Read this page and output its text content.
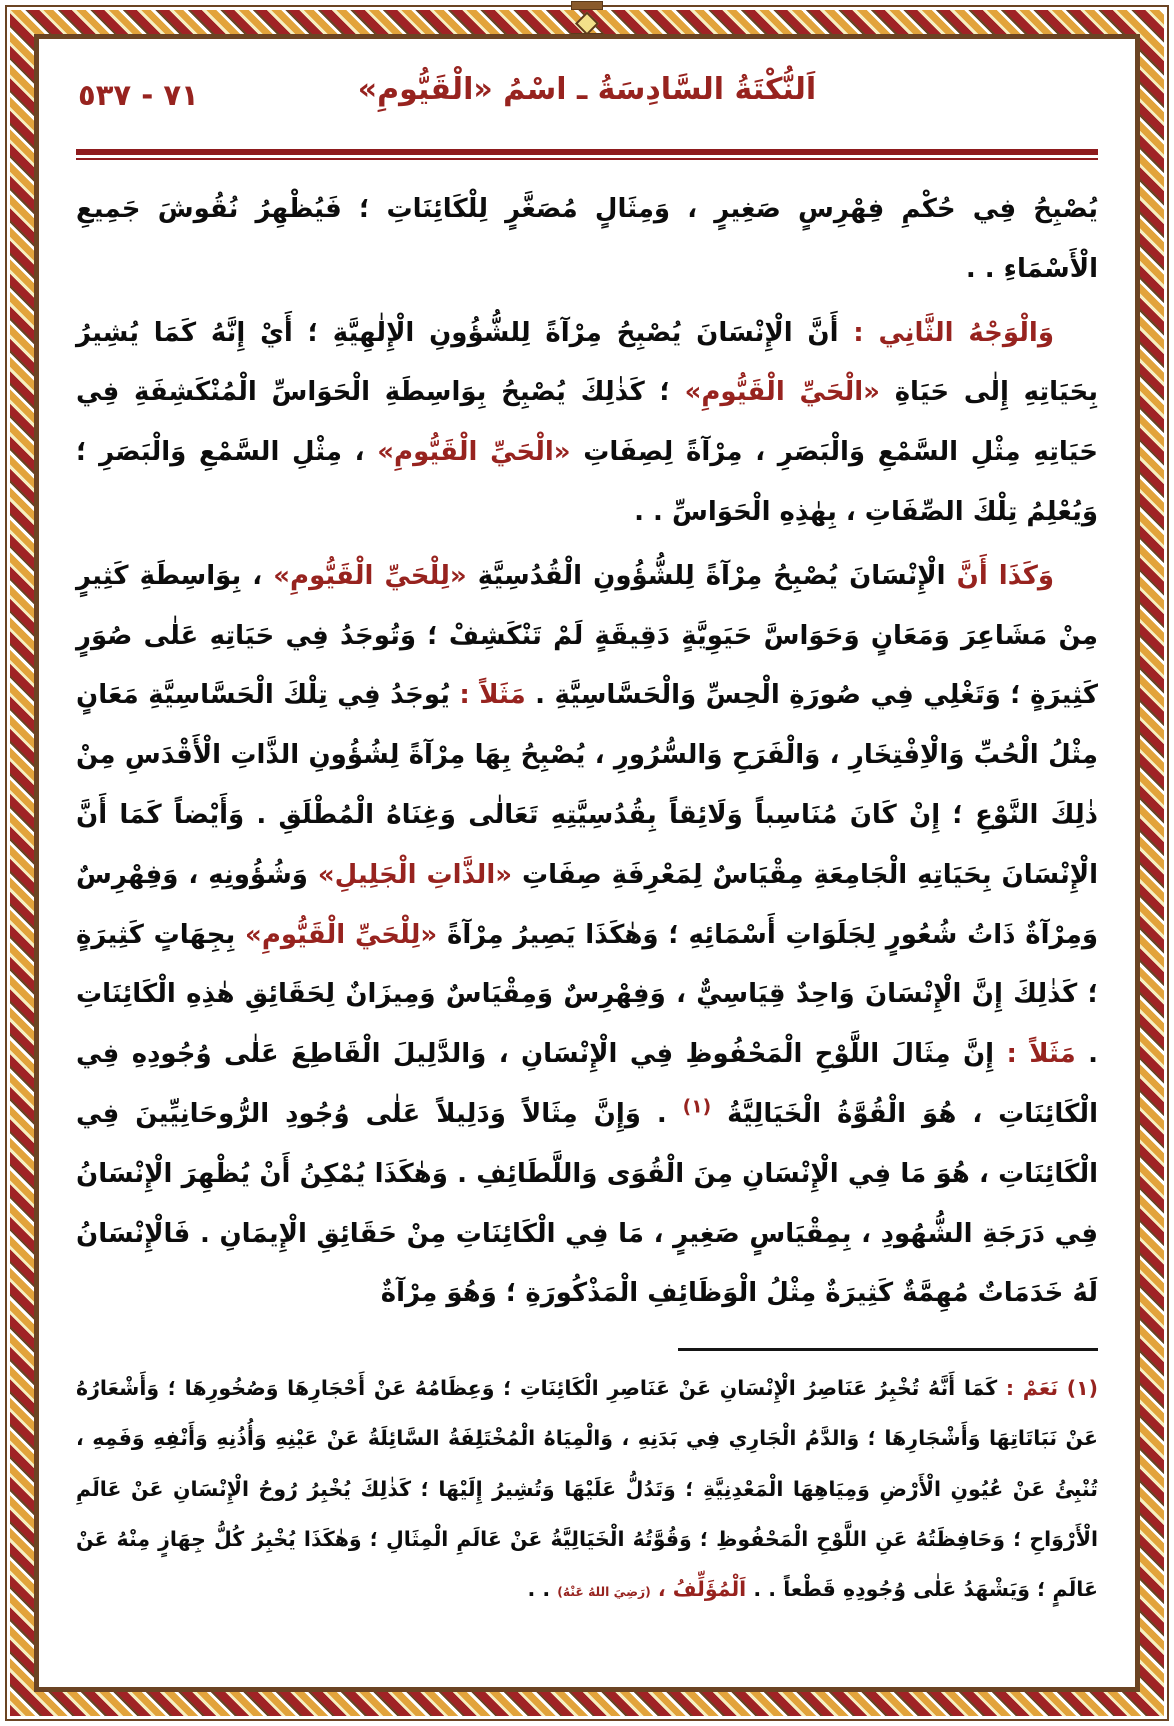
٧١ - ٥٣٧	اَلنُّكْتَةُ السَّادِسَةُ ـ اسْمُ «الْقَيُّومِ»

يُصْبِحُ فِي حُكْمِ فِهْرِسٍ صَغِيرٍ ، وَمِثَالٍ مُصَغَّرٍ لِلْكَائِنَاتِ ؛ فَيُظْهِرُ نُقُوشَ جَمِيعِ الْأَسْمَاءِ . .

وَالْوَجْهُ الثَّانِي : أَنَّ الْإِنْسَانَ يُصْبِحُ مِرْآةً لِلشُّؤُونِ الْإِلٰهِيَّةِ ؛ أَيْ إِنَّهُ كَمَا يُشِيرُ بِحَيَاتِهِ إِلٰى حَيَاةِ «الْحَيِّ الْقَيُّومِ» ؛ كَذٰلِكَ يُصْبِحُ بِوَاسِطَةِ الْحَوَاسِّ الْمُنْكَشِفَةِ فِي حَيَاتِهِ مِثْلِ السَّمْعِ وَالْبَصَرِ ، مِرْآةً لِصِفَاتِ «الْحَيِّ الْقَيُّومِ» ، مِثْلِ السَّمْعِ وَالْبَصَرِ ؛ وَيُعْلِمُ تِلْكَ الصِّفَاتِ ، بِهٰذِهِ الْحَوَاسِّ . .

وَكَذَا أَنَّ الْإِنْسَانَ يُصْبِحُ مِرْآةً لِلشُّؤُونِ الْقُدُسِيَّةِ «لِلْحَيِّ الْقَيُّومِ» ، بِوَاسِطَةِ كَثِيرٍ مِنْ مَشَاعِرَ وَمَعَانٍ وَحَوَاسَّ حَيَوِيَّةٍ دَقِيقَةٍ لَمْ تَنْكَشِفْ ؛ وَتُوجَدُ فِي حَيَاتِهِ عَلٰى صُوَرٍ كَثِيرَةٍ ؛ وَتَغْلِي فِي صُورَةِ الْحِسِّ وَالْحَسَّاسِيَّةِ . مَثَلاً : يُوجَدُ فِي تِلْكَ الْحَسَّاسِيَّةِ مَعَانٍ مِثْلُ الْحُبِّ وَالْاِفْتِخَارِ ، وَالْفَرَحِ وَالسُّرُورِ ، يُصْبِحُ بِهَا مِرْآةً لِشُؤُونِ الذَّاتِ الْأَقْدَسِ مِنْ ذٰلِكَ النَّوْعِ ؛ إِنْ كَانَ مُنَاسِباً وَلَائِقاً بِقُدُسِيَّتِهِ تَعَالٰى وَغِنَاهُ الْمُطْلَقِ . وَأَيْضاً كَمَا أَنَّ الْإِنْسَانَ بِحَيَاتِهِ الْجَامِعَةِ مِقْيَاسٌ لِمَعْرِفَةِ صِفَاتِ «الذَّاتِ الْجَلِيلِ» وَشُؤُونِهِ ، وَفِهْرِسٌ وَمِرْآةٌ ذَاتُ شُعُورٍ لِجَلَوَاتِ أَسْمَائِهِ ؛ وَهٰكَذَا يَصِيرُ مِرْآةً «لِلْحَيِّ الْقَيُّومِ» بِجِهَاتٍ كَثِيرَةٍ ؛ كَذٰلِكَ إِنَّ الْإِنْسَانَ وَاحِدٌ قِيَاسِيٌّ ، وَفِهْرِسٌ وَمِقْيَاسٌ وَمِيزَانٌ لِحَقَائِقِ هٰذِهِ الْكَائِنَاتِ . مَثَلاً : إِنَّ مِثَالَ اللَّوْحِ الْمَحْفُوظِ فِي الْإِنْسَانِ ، وَالدَّلِيلَ الْقَاطِعَ عَلٰى وُجُودِهِ فِي الْكَائِنَاتِ ، هُوَ الْقُوَّةُ الْخَيَالِيَّةُ $^{(١)}$ . وَإِنَّ مِثَالاً وَدَلِيلاً عَلٰى وُجُودِ الرُّوحَانِيِّينَ فِي الْكَائِنَاتِ ، هُوَ مَا فِي الْإِنْسَانِ مِنَ الْقُوَى وَاللَّطَائِفِ . وَهٰكَذَا يُمْكِنُ أَنْ يُظْهِرَ الْإِنْسَانُ فِي دَرَجَةِ الشُّهُودِ ، بِمِقْيَاسٍ صَغِيرٍ ، مَا فِي الْكَائِنَاتِ مِنْ حَقَائِقِ الْإِيمَانِ . فَالْإِنْسَانُ لَهُ خَدَمَاتٌ مُهِمَّةٌ كَثِيرَةٌ مِثْلُ الْوَظَائِفِ الْمَذْكُورَةِ ؛ وَهُوَ مِرْآةٌ

(١) نَعَمْ : كَمَا أَنَّهُ تُخْبِرُ عَنَاصِرُ الْإِنْسَانِ عَنْ عَنَاصِرِ الْكَائِنَاتِ ؛ وَعِظَامُهُ عَنْ أَحْجَارِهَا وَصُخُورِهَا ؛ وَأَشْعَارُهُ عَنْ نَبَاتَاتِهَا وَأَشْجَارِهَا ؛ وَالدَّمُ الْجَارِي فِي بَدَنِهِ ، وَالْمِيَاهُ الْمُخْتَلِفَةُ السَّائِلَةُ عَنْ عَيْنِهِ وَأُذُنِهِ وَأَنْفِهِ وَفَمِهِ ، تُنْبِئُ عَنْ عُيُونِ الْأَرْضِ وَمِيَاهِهَا الْمَعْدِنِيَّةِ ؛ وَتَدُلُّ عَلَيْهَا وَتُشِيرُ إِلَيْهَا ؛ كَذٰلِكَ يُخْبِرُ رُوحُ الْإِنْسَانِ عَنْ عَالَمِ الْأَرْوَاحِ ؛ وَحَافِظَتُهُ عَنِ اللَّوْحِ الْمَحْفُوظِ ؛ وَقُوَّتُهُ الْخَيَالِيَّةُ عَنْ عَالَمِ الْمِثَالِ ؛ وَهٰكَذَا يُخْبِرُ كُلُّ جِهَازٍ مِنْهُ عَنْ عَالَمٍ ؛ وَيَشْهَدُ عَلٰى وُجُودِهِ قَطْعاً . . اَلْمُؤَلِّفُ ، (رَضِيَ اللهُ عَنْهُ) . .
